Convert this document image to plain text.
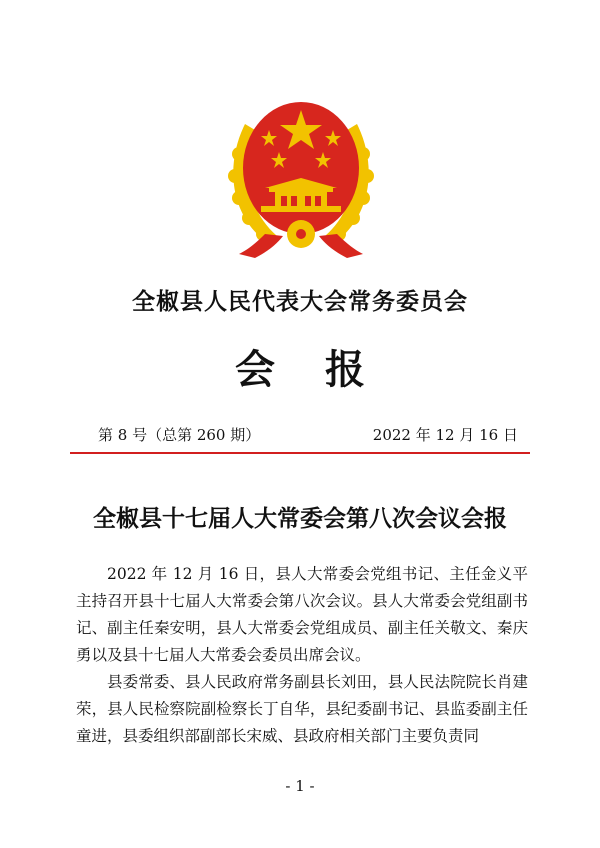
全椒县人民代表大会常务委员会
会报
第 8 号（总第 260 期）	2022 年 12 月 16 日
全椒县十七届人大常委会第八次会议会报

2022 年 12 月 16 日，县人大常委会党组书记、主任金义平主持召开县十七届人大常委会第八次会议。县人大常委会党组副书记、副主任秦安明，县人大常委会党组成员、副主任关敬文、秦庆勇以及县十七届人大常委会委员出席会议。

县委常委、县人民政府常务副县长刘田，县人民法院院长肖建荣，县人民检察院副检察长丁自华，县纪委副书记、县监委副主任童进，县委组织部副部长宋威、县政府相关部门主要负责同

- 1 -
